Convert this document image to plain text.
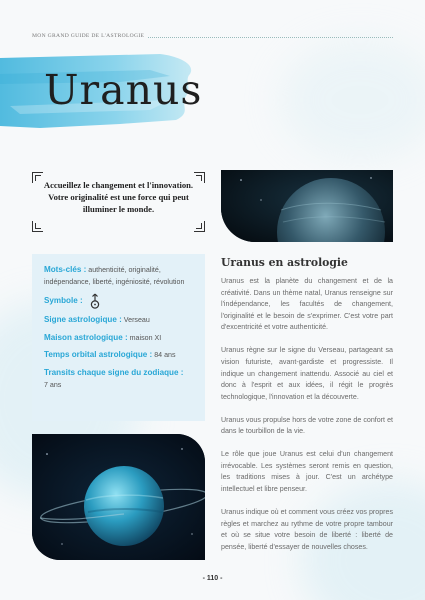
MON GRAND GUIDE DE L'ASTROLOGIE
Uranus
Accueillez le changement et l'innovation. Votre originalité est une force qui peut illuminer le monde.
Mots-clés : authenticité, originalité, indépendance, liberté, ingéniosité, révolution
Symbole :
Signe astrologique : Verseau
Maison astrologique : maison XI
Temps orbital astrologique : 84 ans
Transits chaque signe du zodiaque :
7 ans
Uranus en astrologie

Uranus est la planète du changement et de la créativité. Dans un thème natal, Uranus renseigne sur l'indépendance, les facultés de changement, l'originalité et le besoin de s'exprimer. C'est votre part d'excentricité et votre authenticité.

Uranus règne sur le signe du Verseau, partageant sa vision futuriste, avant-gardiste et progressiste. Il indique un changement inattendu. Associé au ciel et donc à l'esprit et aux idées, il régit le progrès technologique, l'innovation et la découverte.

Uranus vous propulse hors de votre zone de confort et dans le tourbillon de la vie.

Le rôle que joue Uranus est celui d'un changement irrévocable. Les systèmes seront remis en question, les traditions mises à jour. C'est un archétype intellectuel et libre penseur.

Uranus indique où et comment vous créez vos propres règles et marchez au rythme de votre propre tambour et où se situe votre besoin de liberté : liberté de pensée, liberté d'essayer de nouvelles choses.

- 110 -
